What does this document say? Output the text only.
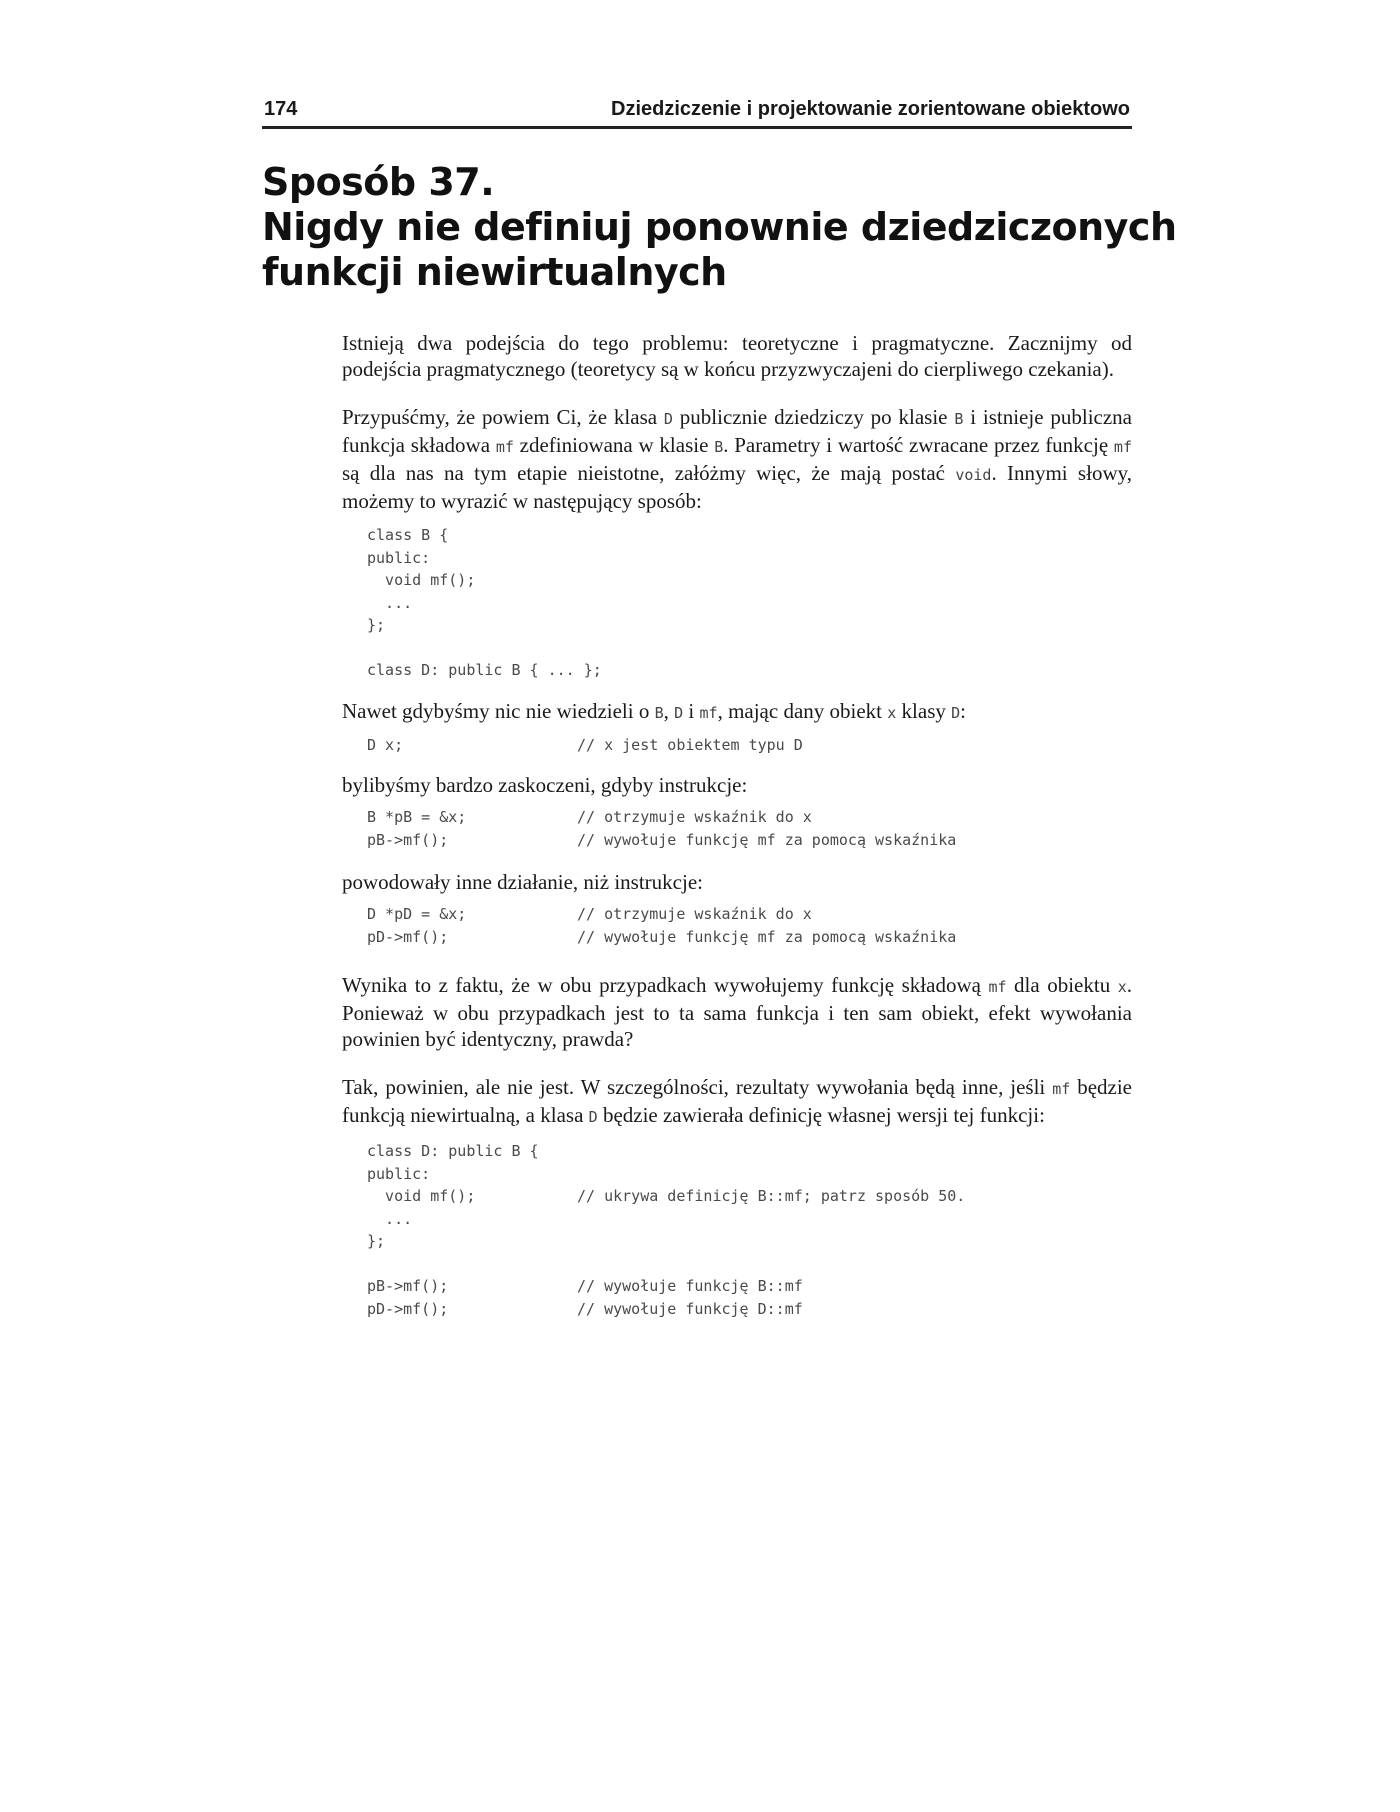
174	Dziedziczenie i projektowanie zorientowane obiektowo
Sposób 37.
Nigdy nie definiuj ponownie dziedziczonych
funkcji niewirtualnych

Istnieją dwa podejścia do tego problemu: teoretyczne i pragmatyczne. Zacznijmy od podejścia pragmatycznego (teoretycy są w końcu przyzwyczajeni do cierpliwego czekania).

Przypuśćmy, że powiem Ci, że klasa D publicznie dziedziczy po klasie B i istnieje publiczna funkcja składowa mf zdefiniowana w klasie B. Parametry i wartość zwracane przez funkcję mf są dla nas na tym etapie nieistotne, załóżmy więc, że mają postać void. Innymi słowy, możemy to wyrazić w następujący sposób:

class B {
public:
void mf();
...
};
class D: public B { ... };

Nawet gdybyśmy nic nie wiedzieli o B, D i mf, mając dany obiekt x klasy D:

D x;	// x jest obiektem typu D

bylibyśmy bardzo zaskoczeni, gdyby instrukcje:

B *pB = &x;	// otrzymuje wskaźnik do x
pB->mf();	// wywołuje funkcję mf za pomocą wskaźnika

powodowały inne działanie, niż instrukcje:

D *pD = &x;	// otrzymuje wskaźnik do x
pD->mf();	// wywołuje funkcję mf za pomocą wskaźnika

Wynika to z faktu, że w obu przypadkach wywołujemy funkcję składową mf dla obiektu x. Ponieważ w obu przypadkach jest to ta sama funkcja i ten sam obiekt, efekt wywołania powinien być identyczny, prawda?

Tak, powinien, ale nie jest. W szczególności, rezultaty wywołania będą inne, jeśli mf będzie funkcją niewirtualną, a klasa D będzie zawierała definicję własnej wersji tej funkcji:

class D: public B {
public:
void mf();	// ukrywa definicję B::mf; patrz sposób 50.
...
};
pB->mf();	// wywołuje funkcję B::mf
pD->mf();	// wywołuje funkcję D::mf
